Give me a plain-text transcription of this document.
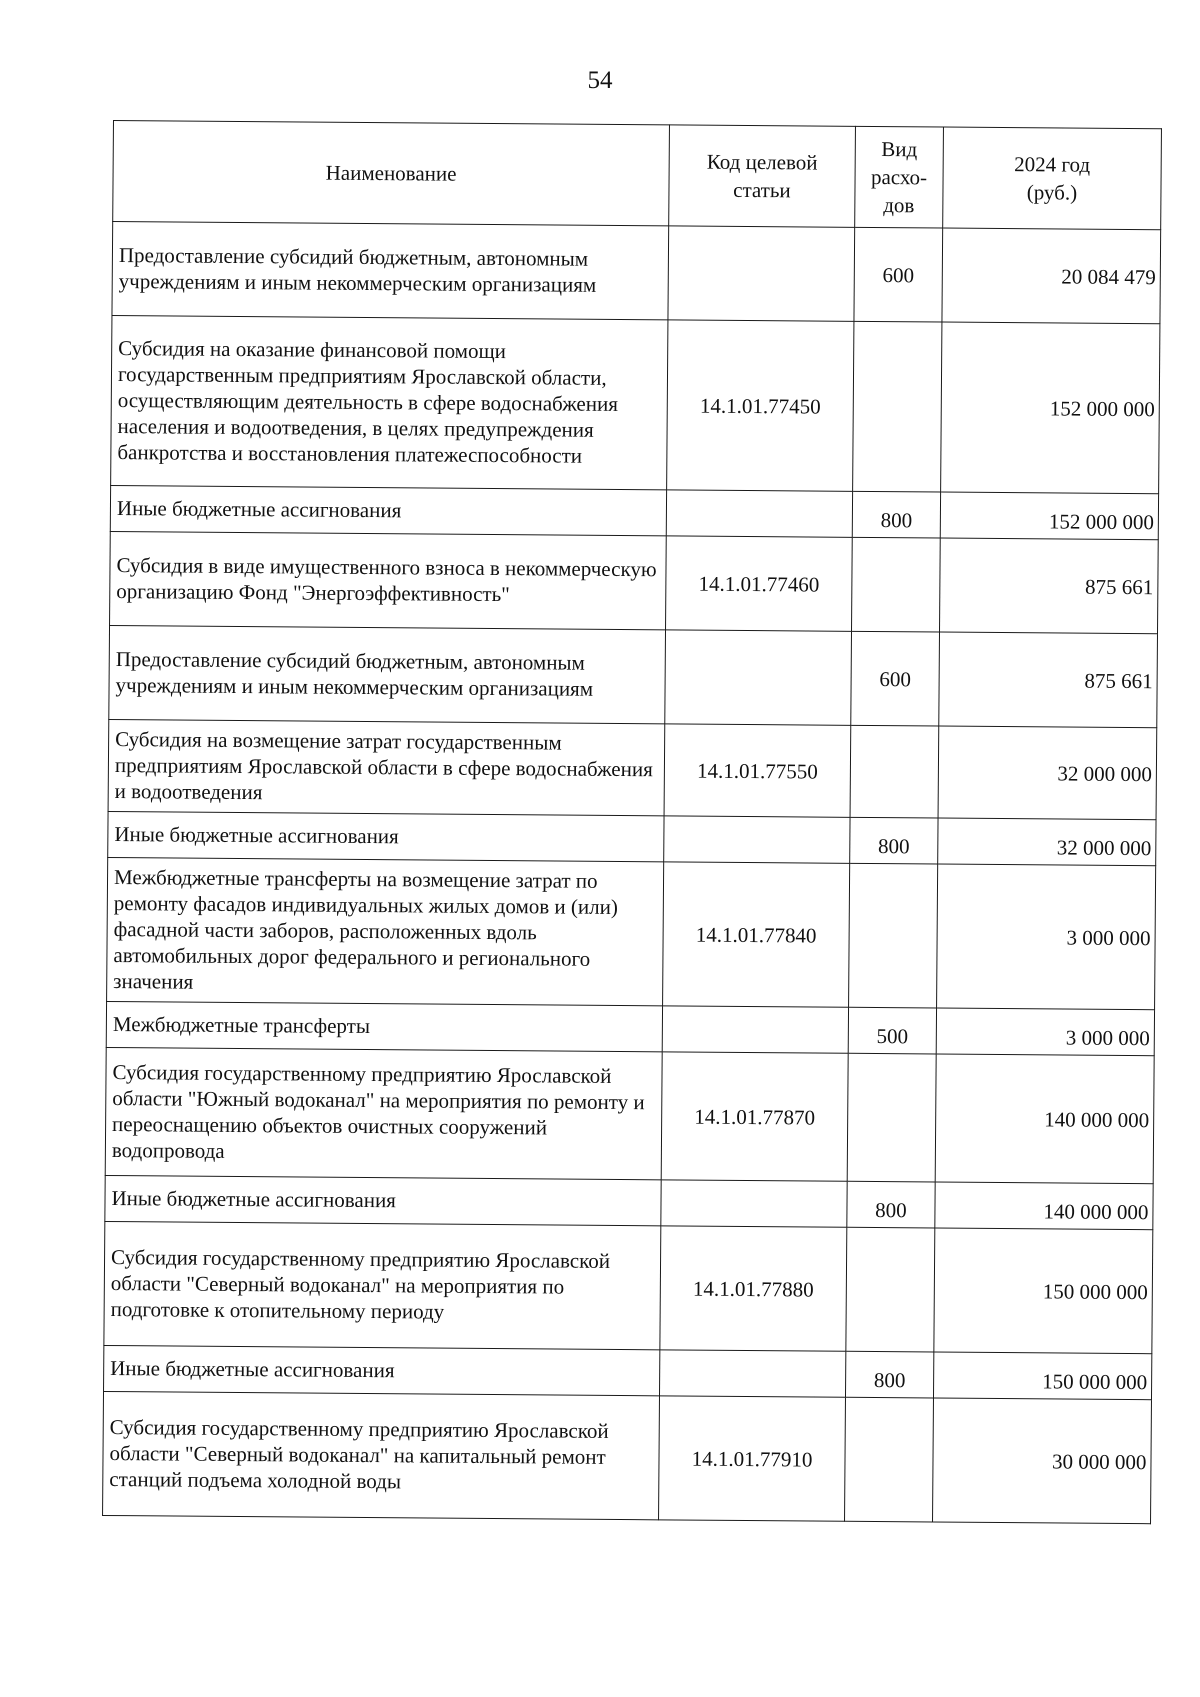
54
Наименование	Код целевой статьи	Вид расхо-дов	2024 год (руб.)
Предоставление субсидий бюджетным, автономным учреждениям и иным некоммерческим организациям		600	20 084 479
Субсидия на оказание финансовой помощи государственным предприятиям Ярославской области, осуществляющим деятельность в сфере водоснабжения населения и водоотведения, в целях предупреждения банкротства и восстановления платежеспособности	14.1.01.77450		152 000 000
Иные бюджетные ассигнования		800	152 000 000
Субсидия в виде имущественного взноса в некоммерческую организацию Фонд "Энергоэффективность"	14.1.01.77460		875 661
Предоставление субсидий бюджетным, автономным учреждениям и иным некоммерческим организациям		600	875 661
Субсидия на возмещение затрат государственным предприятиям Ярославской области в сфере водоснабжения и водоотведения	14.1.01.77550		32 000 000
Иные бюджетные ассигнования		800	32 000 000
Межбюджетные трансферты на возмещение затрат по ремонту фасадов индивидуальных жилых домов и (или) фасадной части заборов, расположенных вдоль автомобильных дорог федерального и регионального значения	14.1.01.77840		3 000 000
Межбюджетные трансферты		500	3 000 000
Субсидия государственному предприятию Ярославской области "Южный водоканал" на мероприятия по ремонту и переоснащению объектов очистных сооружений водопровода	14.1.01.77870		140 000 000
Иные бюджетные ассигнования		800	140 000 000
Субсидия государственному предприятию Ярославской области "Северный водоканал" на мероприятия по подготовке к отопительному периоду	14.1.01.77880		150 000 000
Иные бюджетные ассигнования		800	150 000 000
Субсидия государственному предприятию Ярославской области "Северный водоканал" на капитальный ремонт станций подъема холодной воды	14.1.01.77910		30 000 000
